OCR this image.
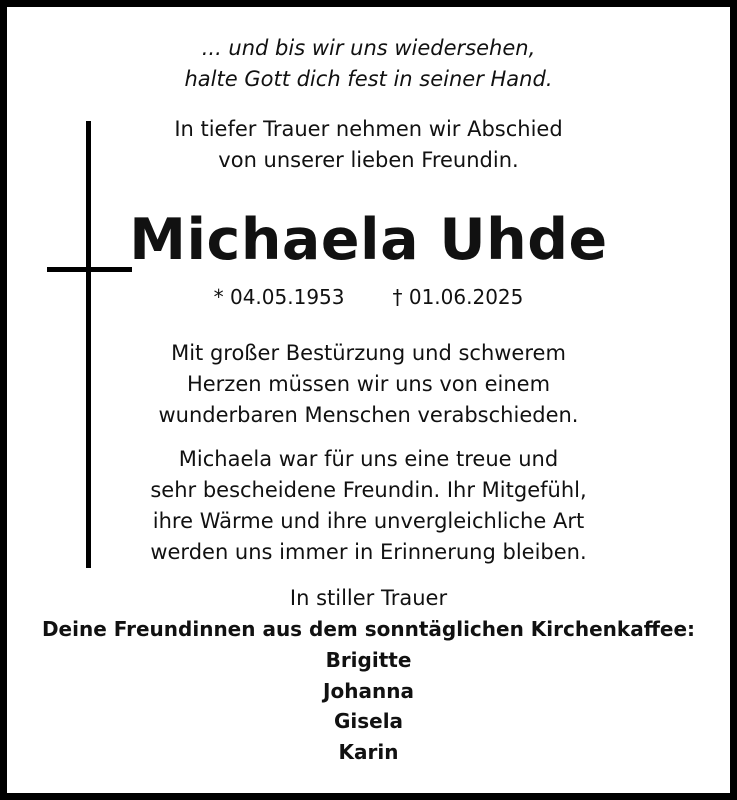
... und bis wir uns wiedersehen,
halte Gott dich fest in seiner Hand.
In tiefer Trauer nehmen wir Abschied
von unserer lieben Freundin.
Michaela Uhde
* 04.05.1953 † 01.06.2025
Mit großer Bestürzung und schwerem
Herzen müssen wir uns von einem
wunderbaren Menschen verabschieden.
Michaela war für uns eine treue und
sehr bescheidene Freundin. Ihr Mitgefühl,
ihre Wärme und ihre unvergleichliche Art
werden uns immer in Erinnerung bleiben.
In stiller Trauer
Deine Freundinnen aus dem sonntäglichen Kirchenkaffee:
Brigitte
Johanna
Gisela
Karin
